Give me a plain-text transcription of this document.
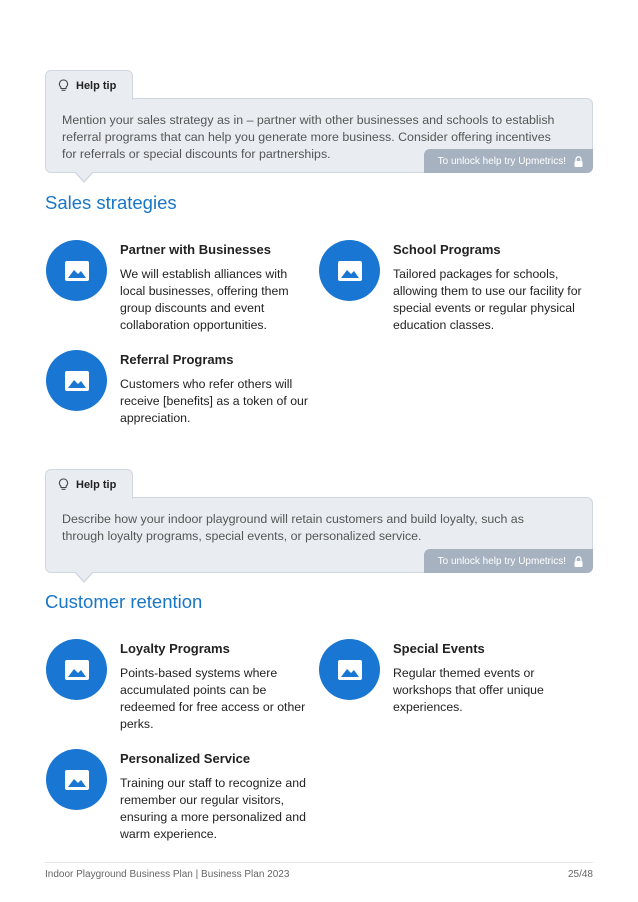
Help tip

Mention your sales strategy as in – partner with other businesses and schools to establish referral programs that can help you generate more business. Consider offering incentives for referrals or special discounts for partnerships.	To unlock help try Upmetrics!
Sales strategies
Partner with Businesses
We will establish alliances with local businesses, offering them group discounts and event collaboration opportunities.
School Programs
Tailored packages for schools, allowing them to use our facility for special events or regular physical education classes.
Referral Programs
Customers who refer others will receive [benefits] as a token of our appreciation.
Help tip

Describe how your indoor playground will retain customers and build loyalty, such as through loyalty programs, special events, or personalized service.

To unlock help try Upmetrics!
Customer retention
Loyalty Programs
Points-based systems where accumulated points can be redeemed for free access or other perks.
Special Events
Regular themed events or workshops that offer unique experiences.
Personalized Service
Training our staff to recognize and remember our regular visitors, ensuring a more personalized and warm experience.
Indoor Playground Business Plan | Business Plan 2023	25/48
